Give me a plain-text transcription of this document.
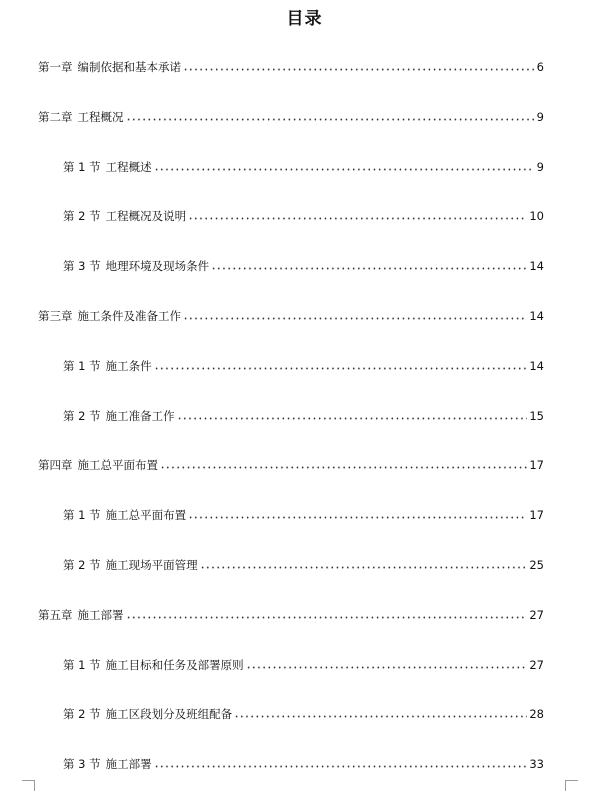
目录
第一章 编制依据和基本承诺	6
第二章 工程概况	9
第 1 节 工程概述	9
第 2 节 工程概况及说明	10
第 3 节 地理环境及现场条件	14
第三章 施工条件及准备工作	14
第 1 节 施工条件	14
第 2 节 施工准备工作	15
第四章 施工总平面布置	17
第 1 节 施工总平面布置	17
第 2 节 施工现场平面管理	25
第五章 施工部署	27
第 1 节 施工目标和任务及部署原则	27
第 2 节 施工区段划分及班组配备	28
第 3 节 施工部署	33
